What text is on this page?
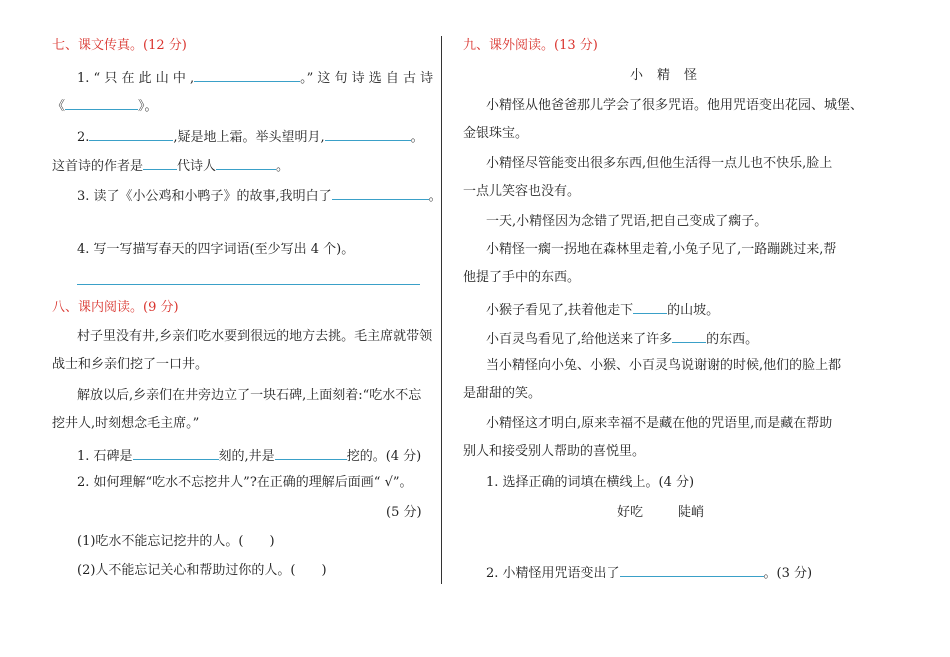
七、课文传真。(12 分)
1. “ 只 在 此 山 中 ,	。” 这 句 诗 选 自 古 诗
《	》。
2.	,疑是地上霜。举头望明月,	。
这首诗的作者是	代诗人	。
3. 读了《小公鸡和小鸭子》的故事,我明白了	。
4. 写一写描写春天的四字词语(至少写出 4 个)。
八、课内阅读。(9 分)
村子里没有井,乡亲们吃水要到很远的地方去挑。毛主席就带领
战士和乡亲们挖了一口井。
解放以后,乡亲们在井旁边立了一块石碑,上面刻着:“吃水不忘
挖井人,时刻想念毛主席。”
1. 石碑是	刻的,井是	挖的。(4 分)
2. 如何理解“吃水不忘挖井人”?在正确的理解后面画“ √”。
(5 分)
(1)吃水不能忘记挖井的人。(　　)
(2)人不能忘记关心和帮助过你的人。(　　)
九、课外阅读。(13 分)
小精怪
小精怪从他爸爸那儿学会了很多咒语。他用咒语变出花园、城堡、
金银珠宝。
小精怪尽管能变出很多东西,但他生活得一点儿也不快乐,脸上
一点儿笑容也没有。
一天,小精怪因为念错了咒语,把自己变成了瘸子。
小精怪一瘸一拐地在森林里走着,小兔子见了,一路蹦跳过来,帮
他提了手中的东西。
小猴子看见了,扶着他走下	的山坡。
小百灵鸟看见了,给他送来了许多	的东西。
当小精怪向小兔、小猴、小百灵鸟说谢谢的时候,他们的脸上都
是甜甜的笑。
小精怪这才明白,原来幸福不是藏在他的咒语里,而是藏在帮助
别人和接受别人帮助的喜悦里。
1. 选择正确的词填在横线上。(4 分)
好吃	陡峭
2. 小精怪用咒语变出了	。(3 分)
